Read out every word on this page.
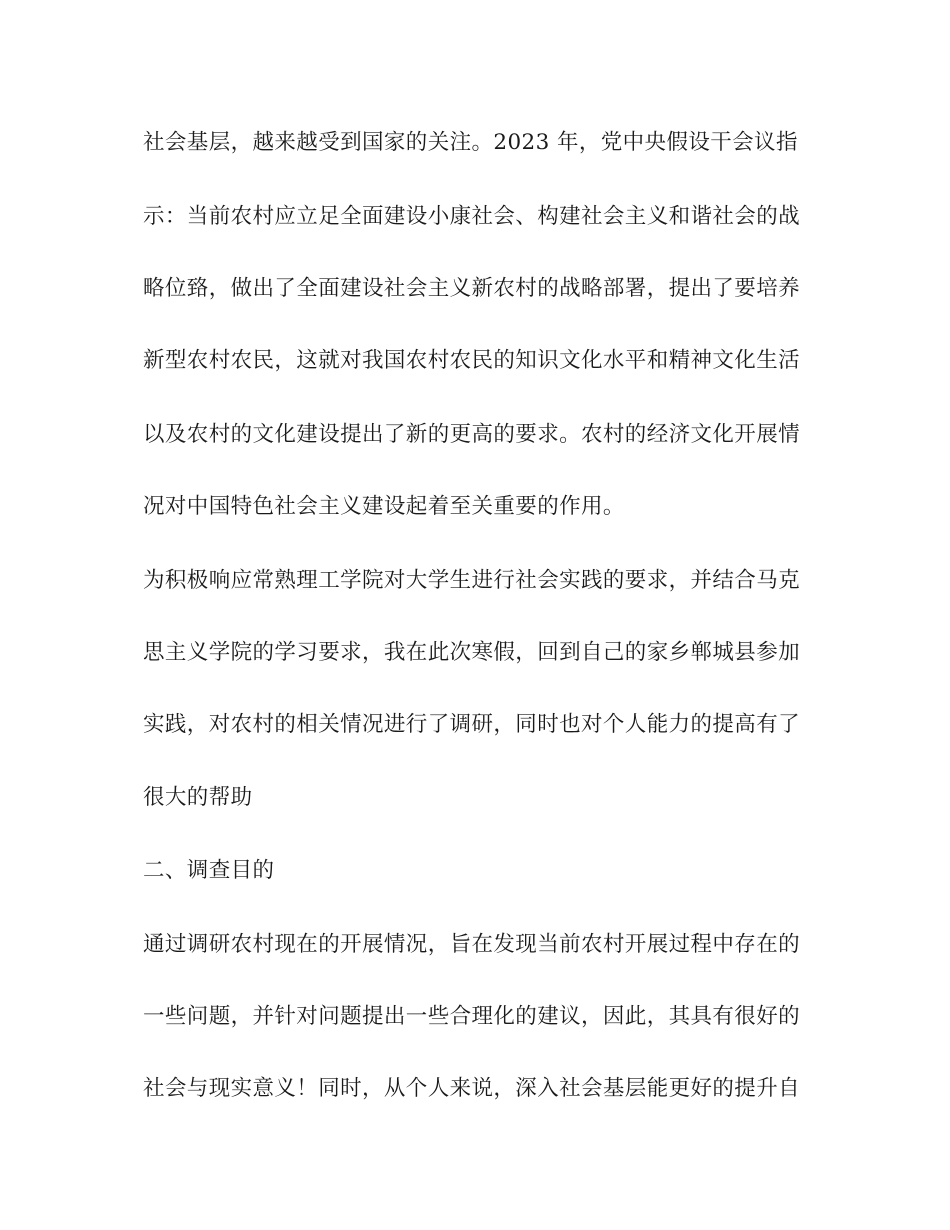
社会基层，越来越受到国家的关注。2023 年，党中央假设干会议指
示：当前农村应立足全面建设小康社会、构建社会主义和谐社会的战
略位臵，做出了全面建设社会主义新农村的战略部署，提出了要培养
新型农村农民，这就对我国农村农民的知识文化水平和精神文化生活
以及农村的文化建设提出了新的更高的要求。农村的经济文化开展情
况对中国特色社会主义建设起着至关重要的作用。
为积极响应常熟理工学院对大学生进行社会实践的要求，并结合马克
思主义学院的学习要求，我在此次寒假，回到自己的家乡郸城县参加
实践，对农村的相关情况进行了调研，同时也对个人能力的提高有了
很大的帮助
二、调查目的
通过调研农村现在的开展情况，旨在发现当前农村开展过程中存在的
一些问题，并针对问题提出一些合理化的建议，因此，其具有很好的
社会与现实意义！同时，从个人来说，深入社会基层能更好的提升自
